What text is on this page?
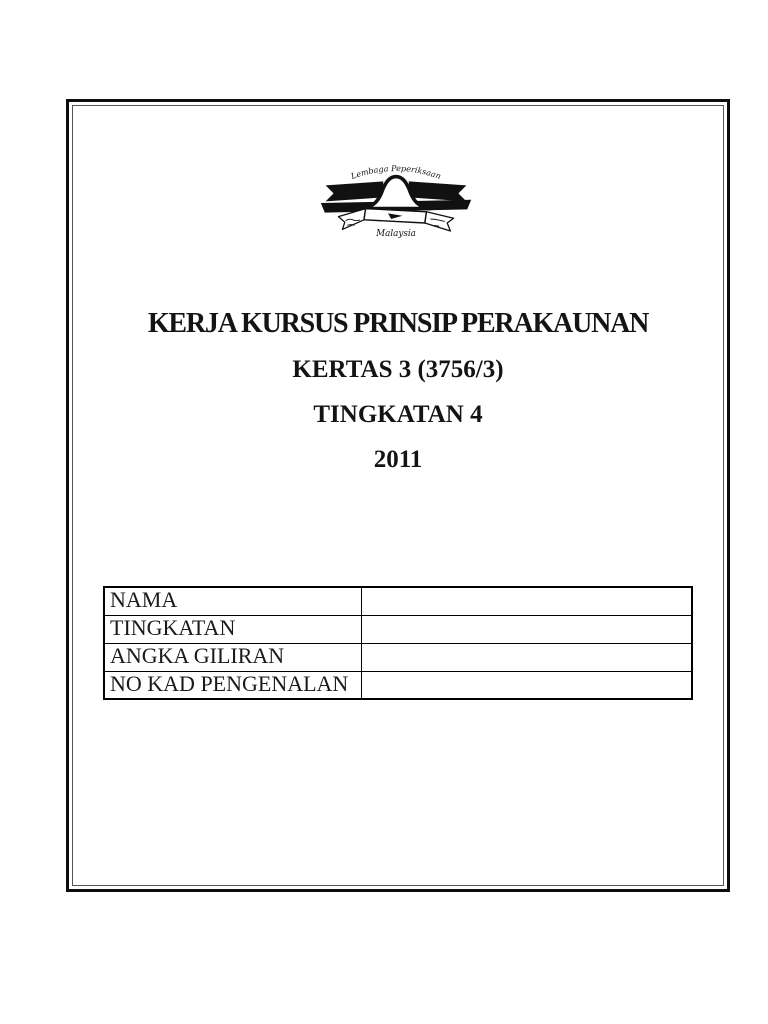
Lembaga Peperiksaan
Malaysia
KERJA KURSUS PRINSIP PERAKAUNAN
KERTAS 3 (3756/3)
TINGKATAN 4
2011
NAMA	
TINGKATAN	
ANGKA GILIRAN	
NO KAD PENGENALAN	
